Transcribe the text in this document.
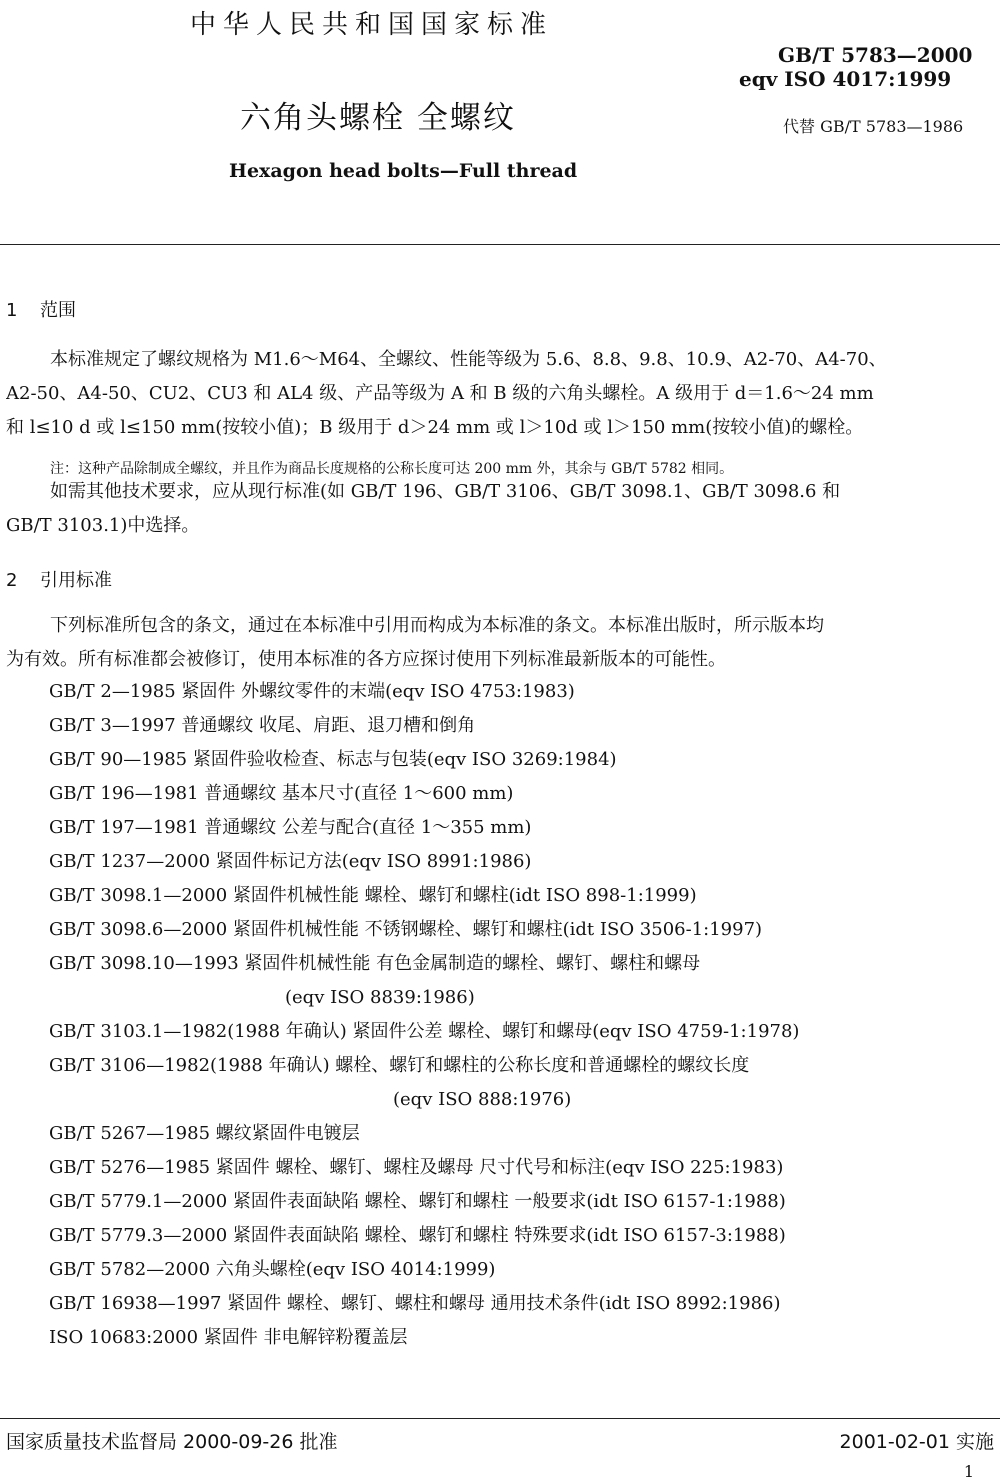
中华人民共和国国家标准
GB/T 5783—2000
eqv ISO 4017:1999
六角头螺栓 全螺纹	代替 GB/T 5783—1986
Hexagon head bolts—Full thread
1 范围
本标准规定了螺纹规格为 M1.6～M64、全螺纹、性能等级为 5.6、8.8、9.8、10.9、A2-70、A4-70、
A2-50、A4-50、CU2、CU3 和 AL4 级、产品等级为 A 和 B 级的六角头螺栓。A 级用于 d＝1.6～24 mm
和 l≤10 d 或 l≤150 mm(按较小值)；B 级用于 d＞24 mm 或 l＞10d 或 l＞150 mm(按较小值)的螺栓。
注：这种产品除制成全螺纹，并且作为商品长度规格的公称长度可达 200 mm 外，其余与 GB/T 5782 相同。
如需其他技术要求，应从现行标准(如 GB/T 196、GB/T 3106、GB/T 3098.1、GB/T 3098.6 和
GB/T 3103.1)中选择。
2 引用标准
下列标准所包含的条文，通过在本标准中引用而构成为本标准的条文。本标准出版时，所示版本均
为有效。所有标准都会被修订，使用本标准的各方应探讨使用下列标准最新版本的可能性。
GB/T 2—1985 紧固件 外螺纹零件的末端(eqv ISO 4753:1983)
GB/T 3—1997 普通螺纹 收尾、肩距、退刀槽和倒角
GB/T 90—1985 紧固件验收检查、标志与包装(eqv ISO 3269:1984)
GB/T 196—1981 普通螺纹 基本尺寸(直径 1～600 mm)
GB/T 197—1981 普通螺纹 公差与配合(直径 1～355 mm)
GB/T 1237—2000 紧固件标记方法(eqv ISO 8991:1986)
GB/T 3098.1—2000 紧固件机械性能 螺栓、螺钉和螺柱(idt ISO 898-1:1999)
GB/T 3098.6—2000 紧固件机械性能 不锈钢螺栓、螺钉和螺柱(idt ISO 3506-1:1997)
GB/T 3098.10—1993 紧固件机械性能 有色金属制造的螺栓、螺钉、螺柱和螺母
(eqv ISO 8839:1986)
GB/T 3103.1—1982(1988 年确认) 紧固件公差 螺栓、螺钉和螺母(eqv ISO 4759-1:1978)
GB/T 3106—1982(1988 年确认) 螺栓、螺钉和螺柱的公称长度和普通螺栓的螺纹长度
(eqv ISO 888:1976)
GB/T 5267—1985 螺纹紧固件电镀层
GB/T 5276—1985 紧固件 螺栓、螺钉、螺柱及螺母 尺寸代号和标注(eqv ISO 225:1983)
GB/T 5779.1—2000 紧固件表面缺陷 螺栓、螺钉和螺柱 一般要求(idt ISO 6157-1:1988)
GB/T 5779.3—2000 紧固件表面缺陷 螺栓、螺钉和螺柱 特殊要求(idt ISO 6157-3:1988)
GB/T 5782—2000 六角头螺栓(eqv ISO 4014:1999)
GB/T 16938—1997 紧固件 螺栓、螺钉、螺柱和螺母 通用技术条件(idt ISO 8992:1986)
ISO 10683:2000 紧固件 非电解锌粉覆盖层
国家质量技术监督局 2000-09-26 批准	2001-02-01 实施
1
